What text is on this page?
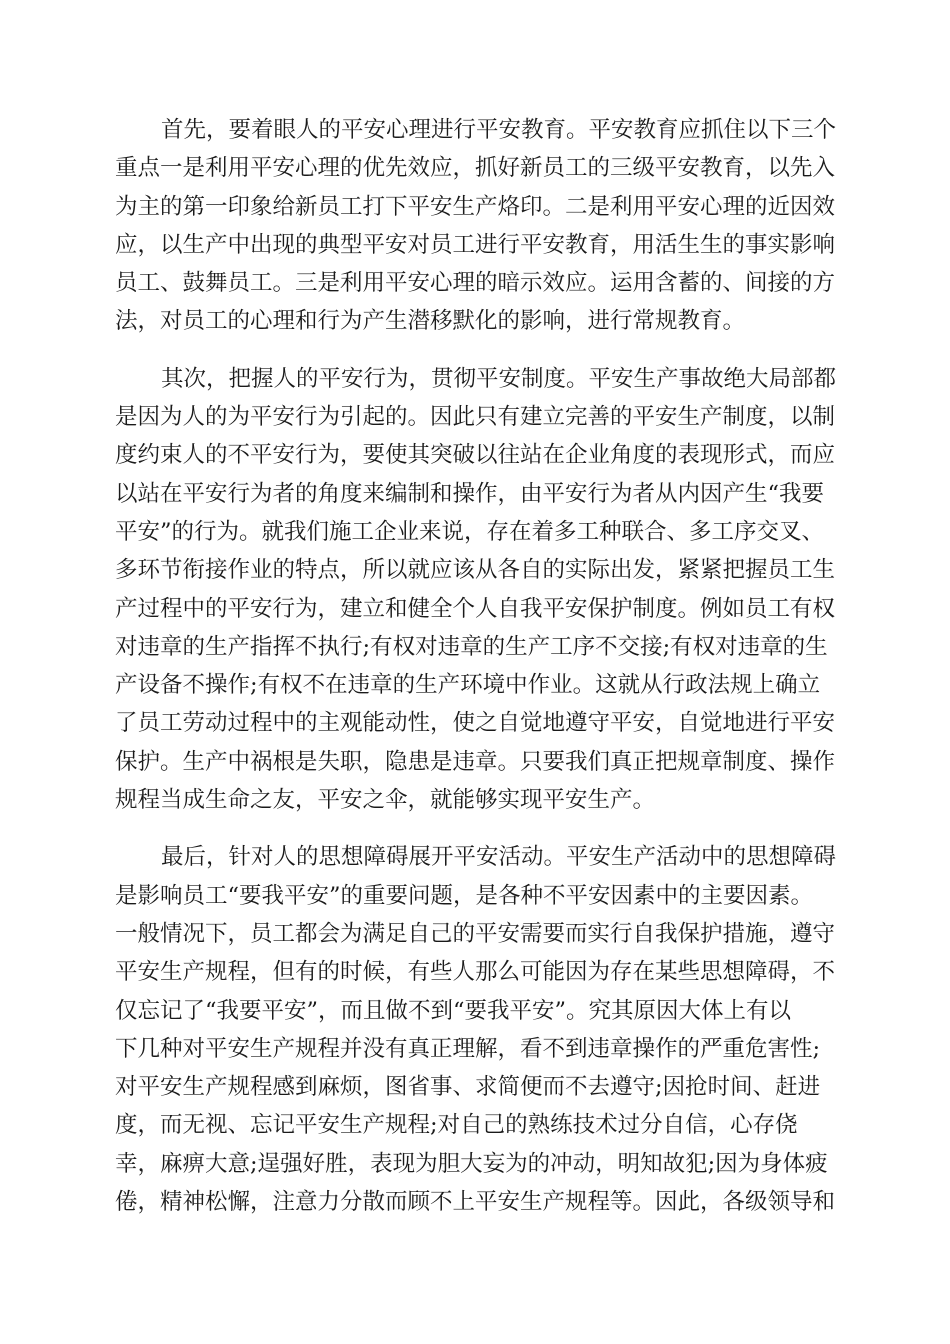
首先，要着眼人的平安心理进行平安教育。平安教育应抓住以下三个
重点一是利用平安心理的优先效应，抓好新员工的三级平安教育，以先入
为主的第一印象给新员工打下平安生产烙印。二是利用平安心理的近因效
应，以生产中出现的典型平安对员工进行平安教育，用活生生的事实影响
员工、鼓舞员工。三是利用平安心理的暗示效应。运用含蓄的、间接的方
法，对员工的心理和行为产生潜移默化的影响，进行常规教育。

其次，把握人的平安行为，贯彻平安制度。平安生产事故绝大局部都
是因为人的为平安行为引起的。因此只有建立完善的平安生产制度，以制
度约束人的不平安行为，要使其突破以往站在企业角度的表现形式，而应
以站在平安行为者的角度来编制和操作，由平安行为者从内因产生“我要
平安”的行为。就我们施工企业来说，存在着多工种联合、多工序交叉、
多环节衔接作业的特点，所以就应该从各自的实际出发，紧紧把握员工生
产过程中的平安行为，建立和健全个人自我平安保护制度。例如员工有权
对违章的生产指挥不执行;有权对违章的生产工序不交接;有权对违章的生
产设备不操作;有权不在违章的生产环境中作业。这就从行政法规上确立
了员工劳动过程中的主观能动性，使之自觉地遵守平安，自觉地进行平安
保护。生产中祸根是失职，隐患是违章。只要我们真正把规章制度、操作
规程当成生命之友，平安之伞，就能够实现平安生产。

最后，针对人的思想障碍展开平安活动。平安生产活动中的思想障碍
是影响员工“要我平安”的重要问题，是各种不平安因素中的主要因素。
一般情况下，员工都会为满足自己的平安需要而实行自我保护措施，遵守
平安生产规程，但有的时候，有些人那么可能因为存在某些思想障碍，不
仅忘记了“我要平安”，而且做不到“要我平安”。究其原因大体上有以
下几种对平安生产规程并没有真正理解，看不到违章操作的严重危害性;
对平安生产规程感到麻烦，图省事、求简便而不去遵守;因抢时间、赶进
度，而无视、忘记平安生产规程;对自己的熟练技术过分自信，心存侥
幸，麻痹大意;逞强好胜，表现为胆大妄为的冲动，明知故犯;因为身体疲
倦，精神松懈，注意力分散而顾不上平安生产规程等。因此，各级领导和
